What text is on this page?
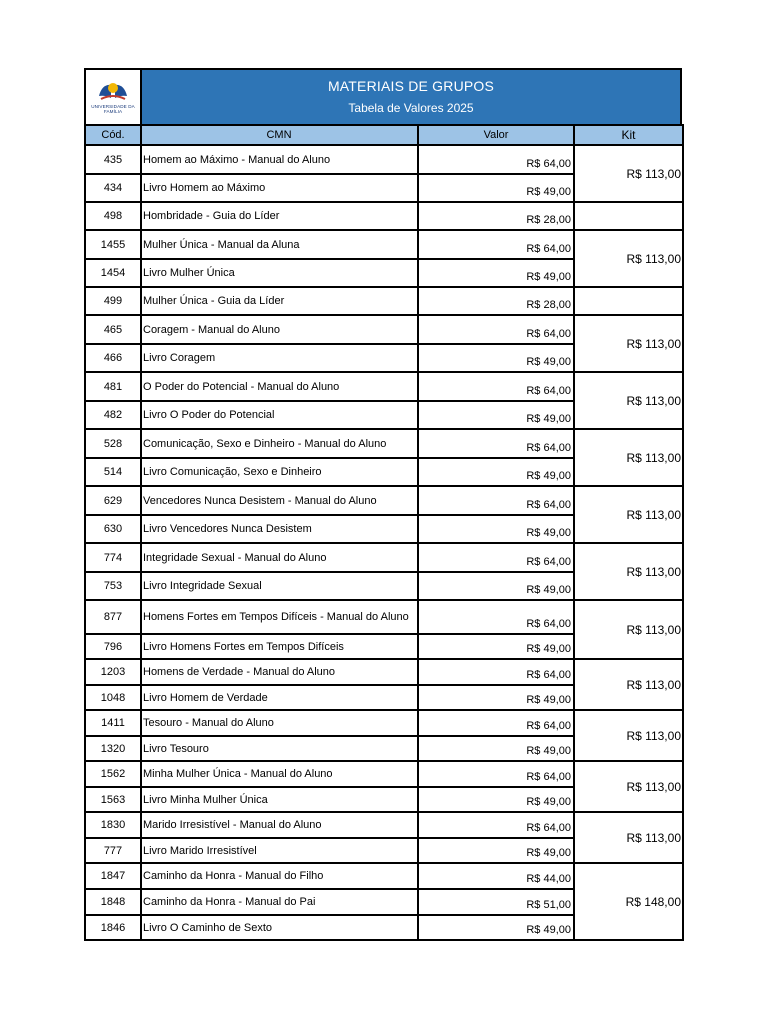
UNIVERSIDADE DA FAMÍLIA
MATERIAIS DE GRUPOS
Tabela de Valores 2025
Cód.	CMN	Valor	Kit
435	Homem ao Máximo - Manual do Aluno	R$ 64,00	R$ 113,00
434	Livro Homem ao Máximo	R$ 49,00	
498	Hombridade - Guia do Líder	R$ 28,00	
1455	Mulher Única - Manual da Aluna	R$ 64,00	R$ 113,00
1454	Livro Mulher Única	R$ 49,00	
499	Mulher Única - Guia da Líder	R$ 28,00	
465	Coragem - Manual do Aluno	R$ 64,00	R$ 113,00
466	Livro Coragem	R$ 49,00	
481	O Poder do Potencial - Manual do Aluno	R$ 64,00	R$ 113,00
482	Livro O Poder do Potencial	R$ 49,00	
528	Comunicação, Sexo e Dinheiro - Manual do Aluno	R$ 64,00	R$ 113,00
514	Livro Comunicação, Sexo e Dinheiro	R$ 49,00	
629	Vencedores Nunca Desistem - Manual do Aluno	R$ 64,00	R$ 113,00
630	Livro Vencedores Nunca Desistem	R$ 49,00	
774	Integridade Sexual - Manual do Aluno	R$ 64,00	R$ 113,00
753	Livro Integridade Sexual	R$ 49,00	
877	Homens Fortes em Tempos Difíceis - Manual do Aluno	R$ 64,00	R$ 113,00
796	Livro Homens Fortes em Tempos Difíceis	R$ 49,00	
1203	Homens de Verdade - Manual do Aluno	R$ 64,00	R$ 113,00
1048	Livro Homem de Verdade	R$ 49,00	
1411	Tesouro - Manual do Aluno	R$ 64,00	R$ 113,00
1320	Livro Tesouro	R$ 49,00	
1562	Minha Mulher Única - Manual do Aluno	R$ 64,00	R$ 113,00
1563	Livro Minha Mulher Única	R$ 49,00	
1830	Marido Irresistível - Manual do Aluno	R$ 64,00	R$ 113,00
777	Livro Marido Irresistível	R$ 49,00	
1847	Caminho da Honra - Manual do Filho	R$ 44,00	R$ 148,00
1848	Caminho da Honra - Manual do Pai	R$ 51,00	
1846	Livro O Caminho de Sexto	R$ 49,00	
